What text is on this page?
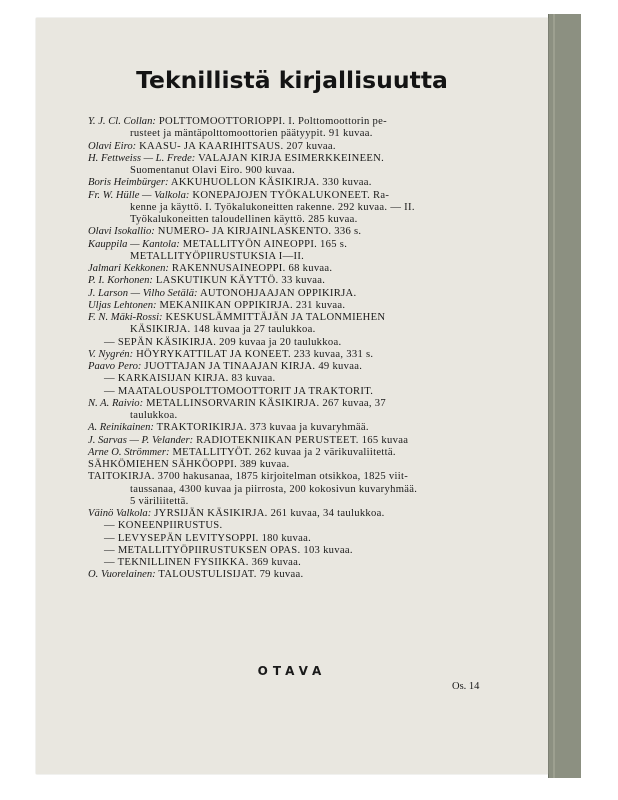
Teknillistä kirjallisuutta
Y. J. Cl. Collan: POLTTOMOOTTORIOPPI. I. Polttomoottorin pe-
rusteet ja mäntäpolttomoottorien päätyypit. 91 kuvaa.
Olavi Eiro: KAASU- JA KAARIHITSAUS. 207 kuvaa.
H. Fettweiss — L. Frede: VALAJAN KIRJA ESIMERKKEINEEN.
Suomentanut Olavi Eiro. 900 kuvaa.
Boris Heimbürger: AKKUHUOLLON KÄSIKIRJA. 330 kuvaa.
Fr. W. Hülle — Valkola: KONEPAJOJEN TYÖKALUKONEET. Ra-
kenne ja käyttö. I. Työkalukoneitten rakenne. 292 kuvaa. — II.
Työkalukoneitten taloudellinen käyttö. 285 kuvaa.
Olavi Isokallio: NUMERO- JA KIRJAINLASKENTO. 336 s.
Kauppila — Kantola: METALLITYÖN AINEOPPI. 165 s.
METALLITYÖPIIRUSTUKSIA I—II.
Jalmari Kekkonen: RAKENNUSAINEOPPI. 68 kuvaa.
P. I. Korhonen: LASKUTIKUN KÄYTTÖ. 33 kuvaa.
J. Larson — Vilho Setälä: AUTONOHJAAJAN OPPIKIRJA.
Uljas Lehtonen: MEKANIIKAN OPPIKIRJA. 231 kuvaa.
F. N. Mäki-Rossi: KESKUSLÄMMITTÄJÄN JA TALONMIEHEN
KÄSIKIRJA. 148 kuvaa ja 27 taulukkoa.
— SEPÄN KÄSIKIRJA. 209 kuvaa ja 20 taulukkoa.
V. Nygrén: HÖYRYKATTILAT JA KONEET. 233 kuvaa, 331 s.
Paavo Pero: JUOTTAJAN JA TINAAJAN KIRJA. 49 kuvaa.
— KARKAISIJAN KIRJA. 83 kuvaa.
— MAATALOUSPOLTTOMOOTTORIT JA TRAKTORIT.
N. A. Raivio: METALLINSORVARIN KÄSIKIRJA. 267 kuvaa, 37
taulukkoa.
A. Reinikainen: TRAKTORIKIRJA. 373 kuvaa ja kuvaryhmää.
J. Sarvas — P. Velander: RADIOTEKNIIKAN PERUSTEET. 165 kuvaa
Arne O. Strömmer: METALLITYÖT. 262 kuvaa ja 2 värikuvaliitettä.
SÄHKÖMIEHEN SÄHKÖOPPI. 389 kuvaa.
TAITOKIRJA. 3700 hakusanaa, 1875 kirjoitelman otsikkoa, 1825 viit-
taussanaa, 4300 kuvaa ja piirrosta, 200 kokosivun kuvaryhmää.
5 väriliitettä.
Väinö Valkola: JYRSIJÄN KÄSIKIRJA. 261 kuvaa, 34 taulukkoa.
— KONEENPIIRUSTUS.
— LEVYSEPÄN LEVITYSOPPI. 180 kuvaa.
— METALLITYÖPIIRUSTUKSEN OPAS. 103 kuvaa.
— TEKNILLINEN FYSIIKKA. 369 kuvaa.
O. Vuorelainen: TALOUSTULISIJAT. 79 kuvaa.
OTAVA
Os. 14
